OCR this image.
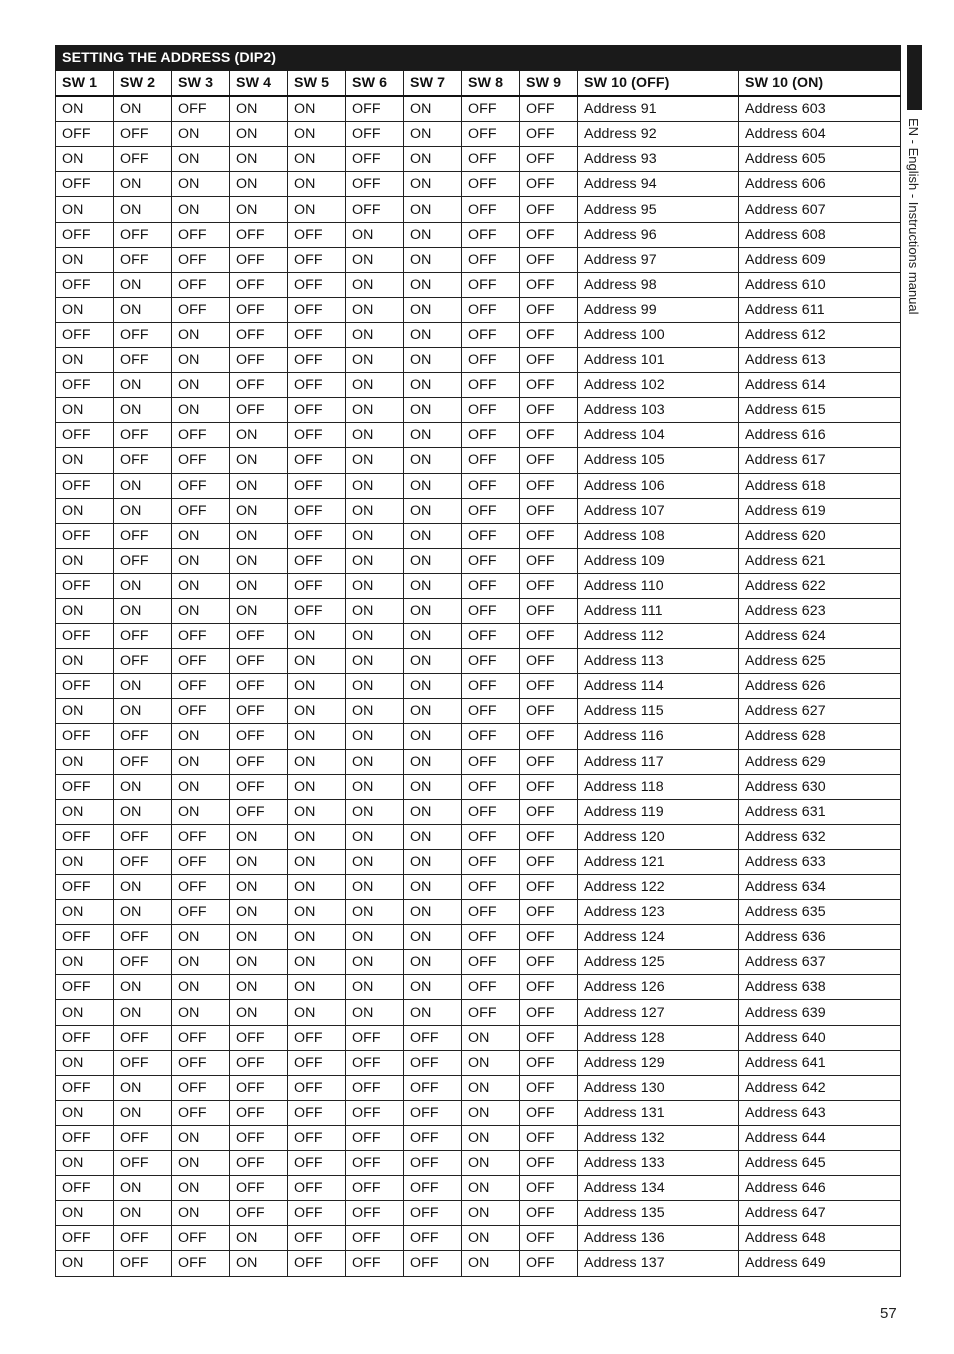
SETTING THE ADDRESS (DIP2)										
SW 1	SW 2	SW 3	SW 4	SW 5	SW 6	SW 7	SW 8	SW 9	SW 10 (OFF)	SW 10 (ON)
ON	ON	OFF	ON	ON	OFF	ON	OFF	OFF	Address 91	Address 603
OFF	OFF	ON	ON	ON	OFF	ON	OFF	OFF	Address 92	Address 604
ON	OFF	ON	ON	ON	OFF	ON	OFF	OFF	Address 93	Address 605
OFF	ON	ON	ON	ON	OFF	ON	OFF	OFF	Address 94	Address 606
ON	ON	ON	ON	ON	OFF	ON	OFF	OFF	Address 95	Address 607
OFF	OFF	OFF	OFF	OFF	ON	ON	OFF	OFF	Address 96	Address 608
ON	OFF	OFF	OFF	OFF	ON	ON	OFF	OFF	Address 97	Address 609
OFF	ON	OFF	OFF	OFF	ON	ON	OFF	OFF	Address 98	Address 610
ON	ON	OFF	OFF	OFF	ON	ON	OFF	OFF	Address 99	Address 611
OFF	OFF	ON	OFF	OFF	ON	ON	OFF	OFF	Address 100	Address 612
ON	OFF	ON	OFF	OFF	ON	ON	OFF	OFF	Address 101	Address 613
OFF	ON	ON	OFF	OFF	ON	ON	OFF	OFF	Address 102	Address 614
ON	ON	ON	OFF	OFF	ON	ON	OFF	OFF	Address 103	Address 615
OFF	OFF	OFF	ON	OFF	ON	ON	OFF	OFF	Address 104	Address 616
ON	OFF	OFF	ON	OFF	ON	ON	OFF	OFF	Address 105	Address 617
OFF	ON	OFF	ON	OFF	ON	ON	OFF	OFF	Address 106	Address 618
ON	ON	OFF	ON	OFF	ON	ON	OFF	OFF	Address 107	Address 619
OFF	OFF	ON	ON	OFF	ON	ON	OFF	OFF	Address 108	Address 620
ON	OFF	ON	ON	OFF	ON	ON	OFF	OFF	Address 109	Address 621
OFF	ON	ON	ON	OFF	ON	ON	OFF	OFF	Address 110	Address 622
ON	ON	ON	ON	OFF	ON	ON	OFF	OFF	Address 111	Address 623
OFF	OFF	OFF	OFF	ON	ON	ON	OFF	OFF	Address 112	Address 624
ON	OFF	OFF	OFF	ON	ON	ON	OFF	OFF	Address 113	Address 625
OFF	ON	OFF	OFF	ON	ON	ON	OFF	OFF	Address 114	Address 626
ON	ON	OFF	OFF	ON	ON	ON	OFF	OFF	Address 115	Address 627
OFF	OFF	ON	OFF	ON	ON	ON	OFF	OFF	Address 116	Address 628
ON	OFF	ON	OFF	ON	ON	ON	OFF	OFF	Address 117	Address 629
OFF	ON	ON	OFF	ON	ON	ON	OFF	OFF	Address 118	Address 630
ON	ON	ON	OFF	ON	ON	ON	OFF	OFF	Address 119	Address 631
OFF	OFF	OFF	ON	ON	ON	ON	OFF	OFF	Address 120	Address 632
ON	OFF	OFF	ON	ON	ON	ON	OFF	OFF	Address 121	Address 633
OFF	ON	OFF	ON	ON	ON	ON	OFF	OFF	Address 122	Address 634
ON	ON	OFF	ON	ON	ON	ON	OFF	OFF	Address 123	Address 635
OFF	OFF	ON	ON	ON	ON	ON	OFF	OFF	Address 124	Address 636
ON	OFF	ON	ON	ON	ON	ON	OFF	OFF	Address 125	Address 637
OFF	ON	ON	ON	ON	ON	ON	OFF	OFF	Address 126	Address 638
ON	ON	ON	ON	ON	ON	ON	OFF	OFF	Address 127	Address 639
OFF	OFF	OFF	OFF	OFF	OFF	OFF	ON	OFF	Address 128	Address 640
ON	OFF	OFF	OFF	OFF	OFF	OFF	ON	OFF	Address 129	Address 641
OFF	ON	OFF	OFF	OFF	OFF	OFF	ON	OFF	Address 130	Address 642
ON	ON	OFF	OFF	OFF	OFF	OFF	ON	OFF	Address 131	Address 643
OFF	OFF	ON	OFF	OFF	OFF	OFF	ON	OFF	Address 132	Address 644
ON	OFF	ON	OFF	OFF	OFF	OFF	ON	OFF	Address 133	Address 645
OFF	ON	ON	OFF	OFF	OFF	OFF	ON	OFF	Address 134	Address 646
ON	ON	ON	OFF	OFF	OFF	OFF	ON	OFF	Address 135	Address 647
OFF	OFF	OFF	ON	OFF	OFF	OFF	ON	OFF	Address 136	Address 648
ON	OFF	OFF	ON	OFF	OFF	OFF	ON	OFF	Address 137	Address 649
EN - English - Instructions manual
57
